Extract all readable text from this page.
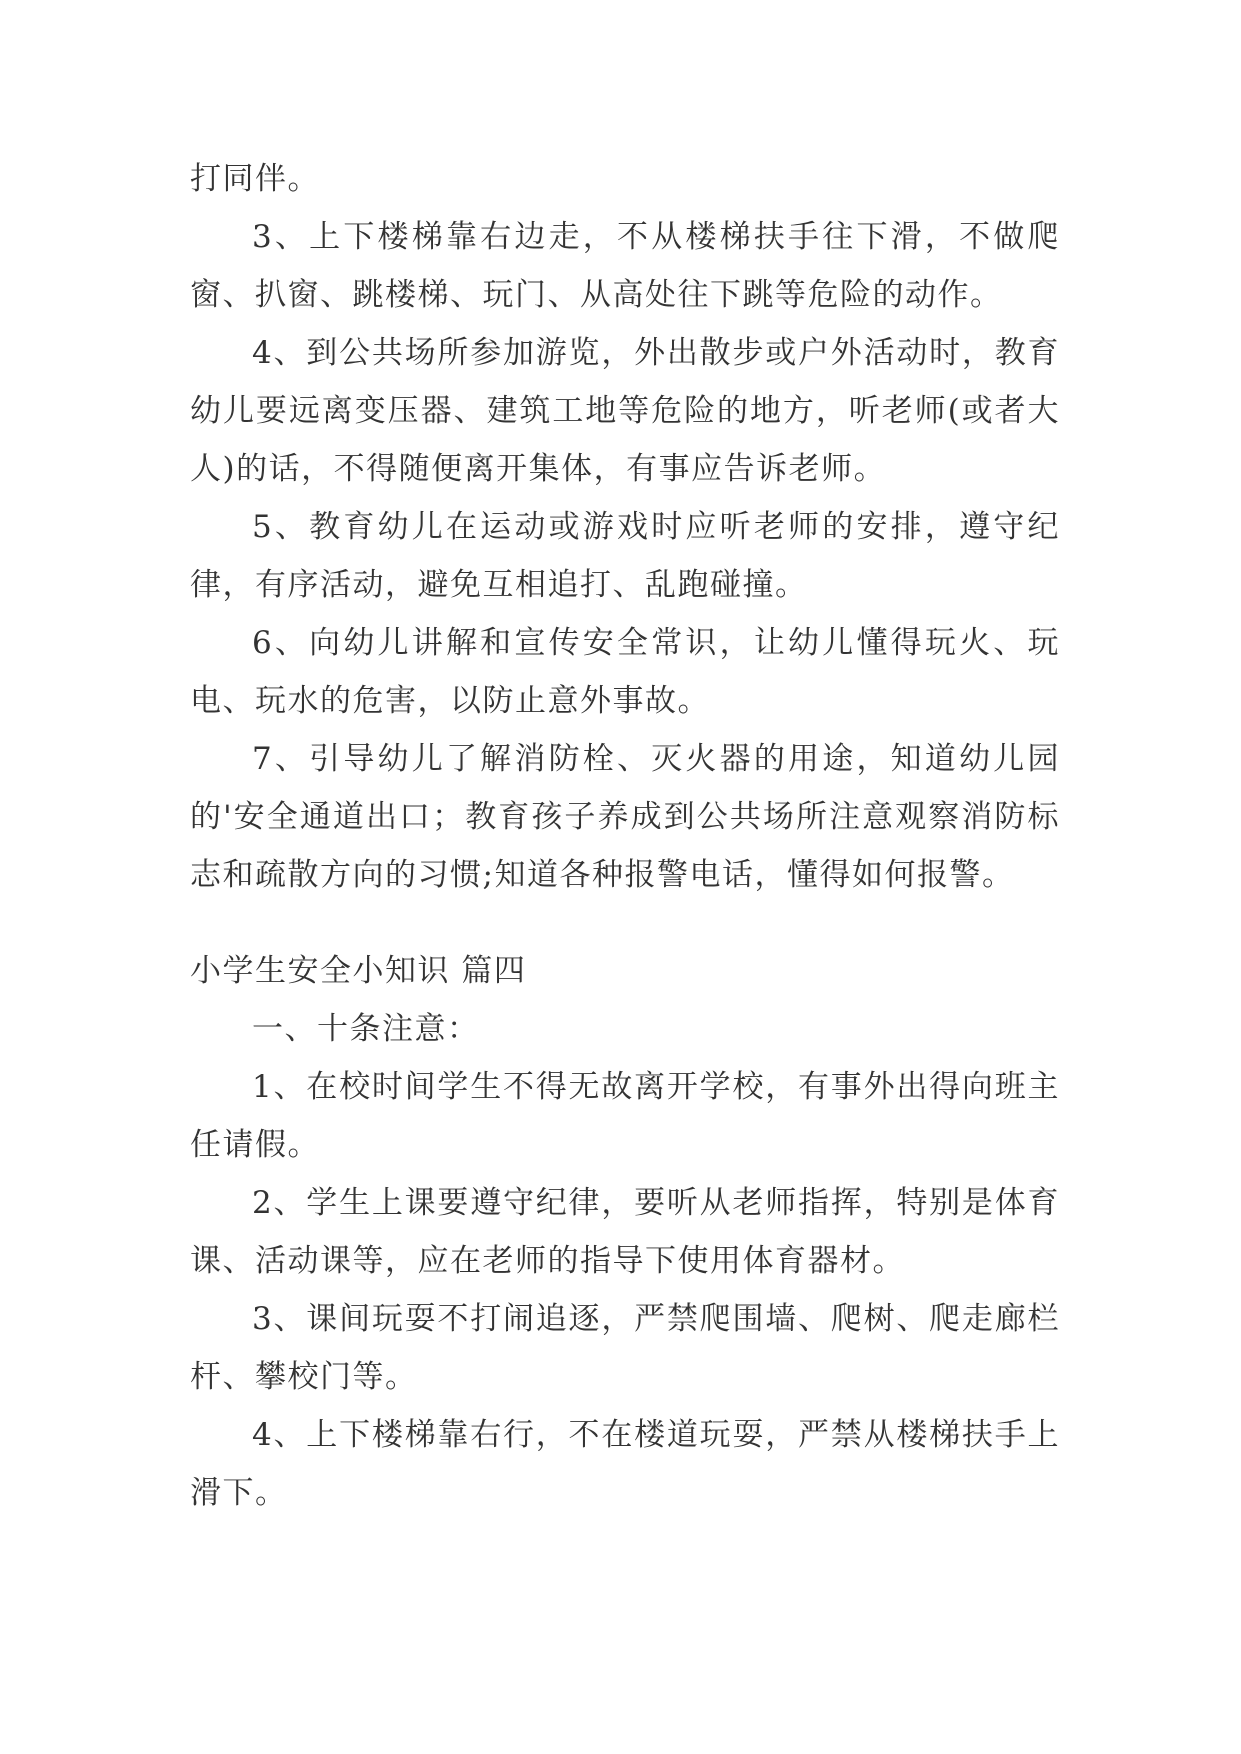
打同伴。

3、上下楼梯靠右边走，不从楼梯扶手往下滑，不做爬窗、扒窗、跳楼梯、玩门、从高处往下跳等危险的动作。

4、到公共场所参加游览，外出散步或户外活动时，教育幼儿要远离变压器、建筑工地等危险的地方，听老师(或者大人)的话，不得随便离开集体，有事应告诉老师。

5、教育幼儿在运动或游戏时应听老师的安排，遵守纪律，有序活动，避免互相追打、乱跑碰撞。

6、向幼儿讲解和宣传安全常识，让幼儿懂得玩火、玩电、玩水的危害，以防止意外事故。

7、引导幼儿了解消防栓、灭火器的用途，知道幼儿园的'安全通道出口；教育孩子养成到公共场所注意观察消防标志和疏散方向的习惯;知道各种报警电话，懂得如何报警。

小学生安全小知识 篇四

一、十条注意：

1、在校时间学生不得无故离开学校，有事外出得向班主任请假。

2、学生上课要遵守纪律，要听从老师指挥，特别是体育课、活动课等，应在老师的指导下使用体育器材。

3、课间玩耍不打闹追逐，严禁爬围墙、爬树、爬走廊栏杆、攀校门等。

4、上下楼梯靠右行，不在楼道玩耍，严禁从楼梯扶手上滑下。
